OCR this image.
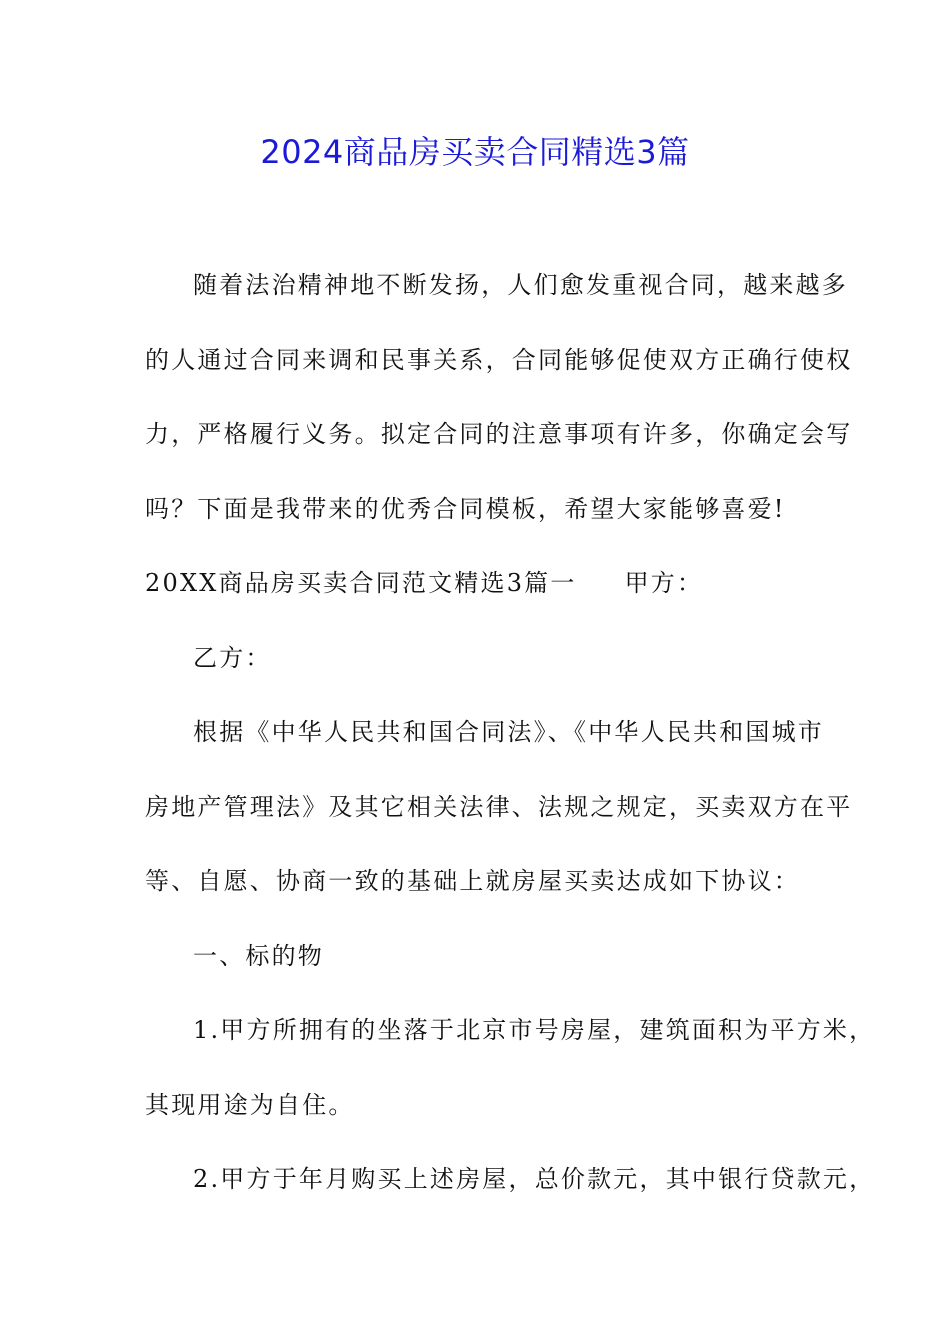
2024商品房买卖合同精选3篇
随着法治精神地不断发扬，人们愈发重视合同，越来越多
的人通过合同来调和民事关系，合同能够促使双方正确行使权
力，严格履行义务。拟定合同的注意事项有许多，你确定会写
吗？下面是我带来的优秀合同模板，希望大家能够喜爱!
20XX商品房买卖合同范文精选3篇一 甲方：
乙方：
根据《中华人民共和国合同法》、《中华人民共和国城市
房地产管理法》及其它相关法律、法规之规定，买卖双方在平
等、自愿、协商一致的基础上就房屋买卖达成如下协议：
一、标的物
1.甲方所拥有的坐落于北京市号房屋，建筑面积为平方米，
其现用途为自住。
2.甲方于年月购买上述房屋，总价款元，其中银行贷款元，
